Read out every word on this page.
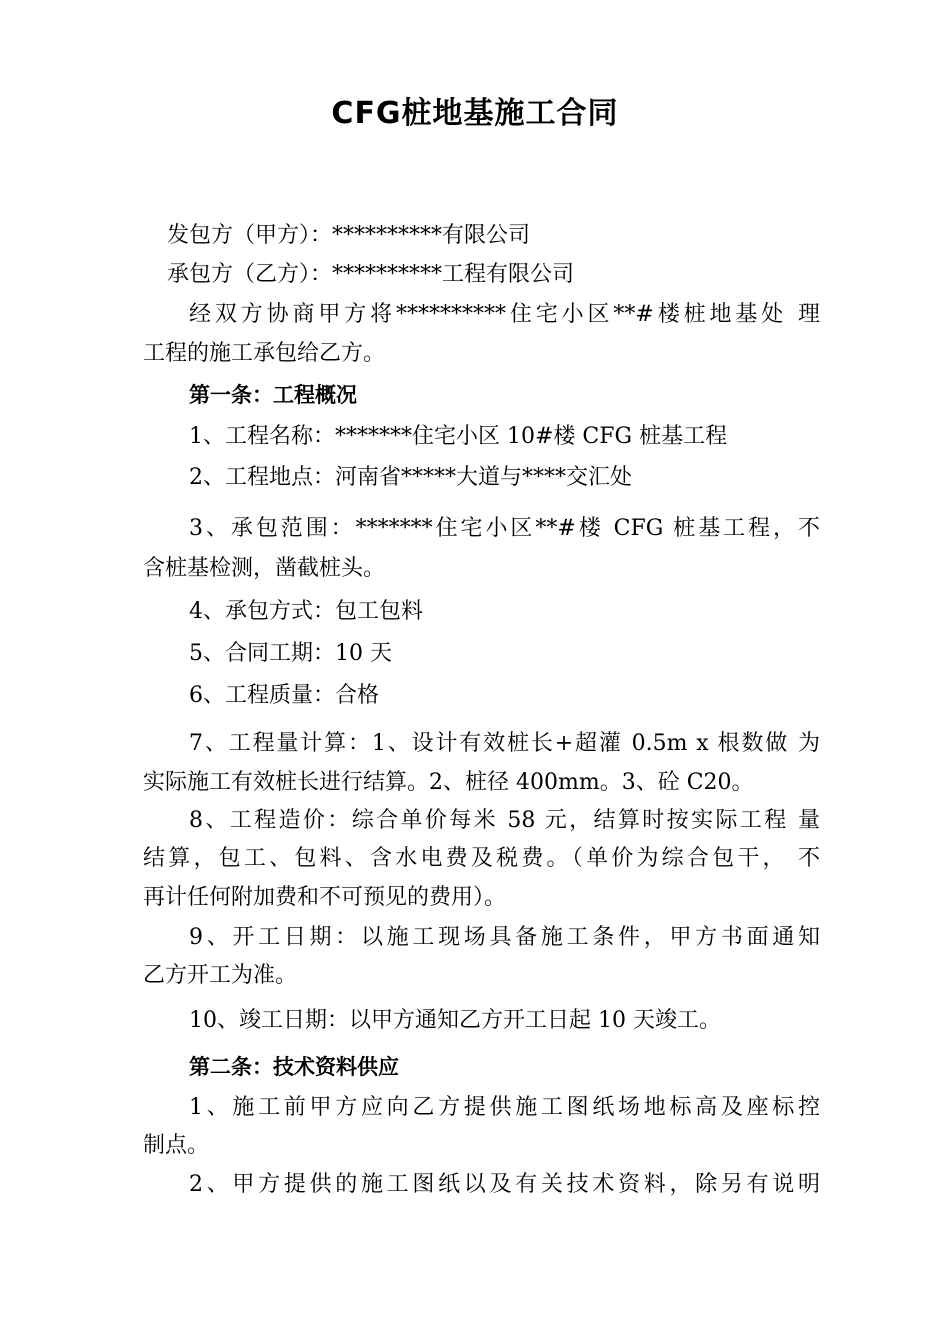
CFG桩地基施工合同
发包方（甲方）：**********有限公司
承包方（乙方）：**********工程有限公司
经双方协商甲方将**********住宅小区**#楼桩地基处 理
工程的施工承包给乙方。
第一条：工程概况
1、工程名称：*******住宅小区 10#楼 CFG 桩基工程
2、工程地点：河南省*****大道与****交汇处
3、承包范围：*******住宅小区**#楼 CFG 桩基工程，不
含桩基检测，凿截桩头。
4、承包方式：包工包料
5、合同工期：10 天
6、工程质量：合格
7、工程量计算：1、设计有效桩长+超灌 0.5m x 根数做 为
实际施工有效桩长进行结算。2、桩径 400mm。3、砼 C20。
8、工程造价：综合单价每米 58 元，结算时按实际工程 量
结算，包工、包料、含水电费及税费。（单价为综合包干， 不
再计任何附加费和不可预见的费用）。
9、开工日期：以施工现场具备施工条件，甲方书面通知
乙方开工为准。
10、竣工日期：以甲方通知乙方开工日起 10 天竣工。
第二条：技术资料供应
1、施工前甲方应向乙方提供施工图纸场地标高及座标控
制点。
2、甲方提供的施工图纸以及有关技术资料，除另有说明
